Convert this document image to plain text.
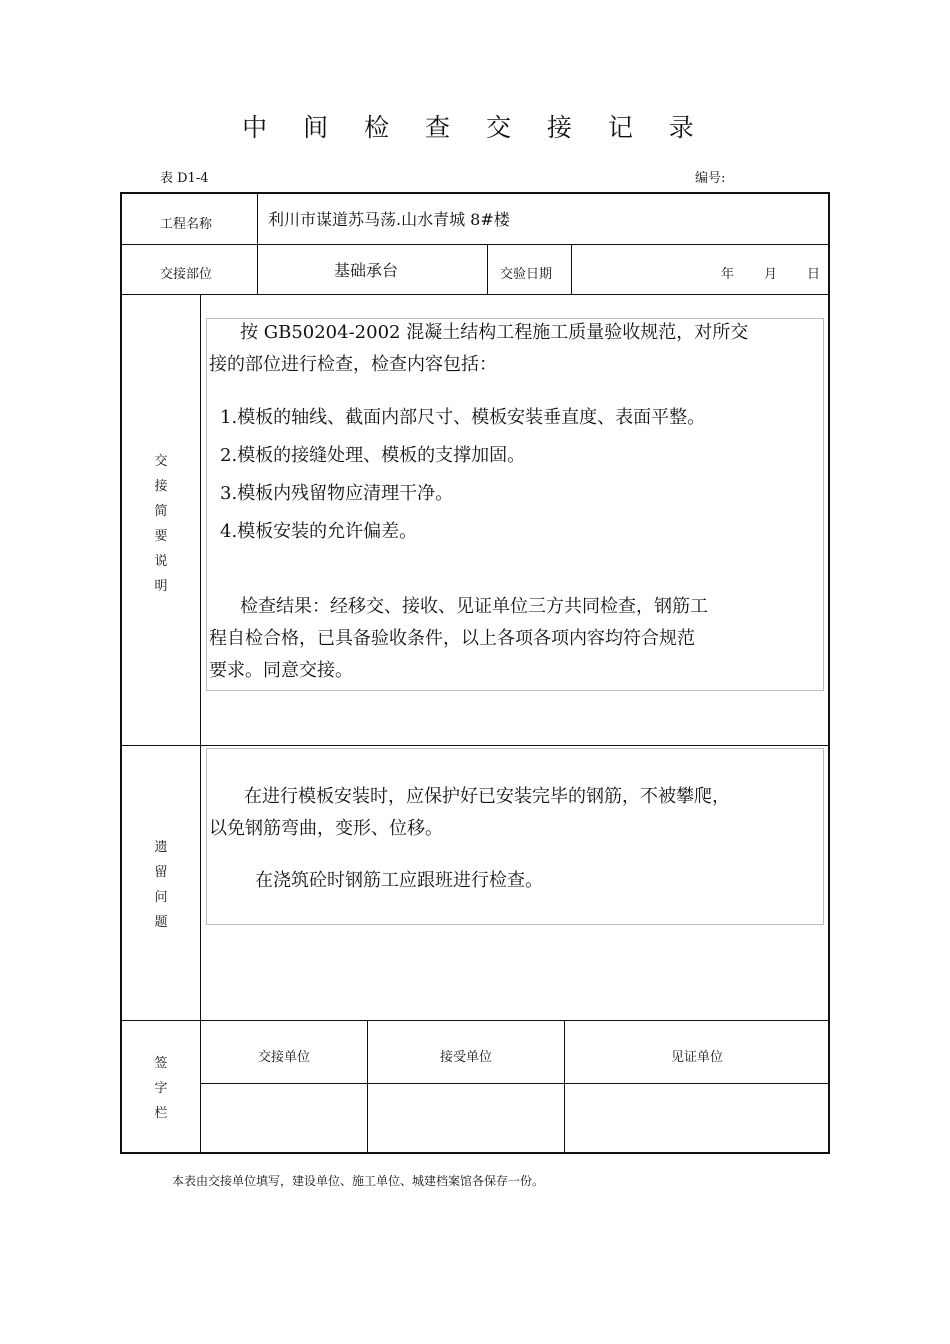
中 间 检 查 交 接 记 录
表 D1-4	编号:
工程名称	利川市谋道苏马荡.山水青城 8#楼
交接部位	基础承台	交验日期	年 月 日
交
接
简
要
说
明
按 GB50204-2002 混凝土结构工程施工质量验收规范，对所交
接的部位进行检查，检查内容包括：
1.模板的轴线、截面内部尺寸、模板安装垂直度、表面平整。
2.模板的接缝处理、模板的支撑加固。
3.模板内残留物应清理干净。
4.模板安装的允许偏差。
检查结果：经移交、接收、见证单位三方共同检查，钢筋工
程自检合格，已具备验收条件，以上各项各项内容均符合规范
要求。同意交接。
遗
留
问
题
在进行模板安装时，应保护好已安装完毕的钢筋，不被攀爬，
以免钢筋弯曲，变形、位移。
在浇筑砼时钢筋工应跟班进行检查。
签
字
栏
交接单位	接受单位	见证单位
本表由交接单位填写，建设单位、施工单位、城建档案馆各保存一份。
